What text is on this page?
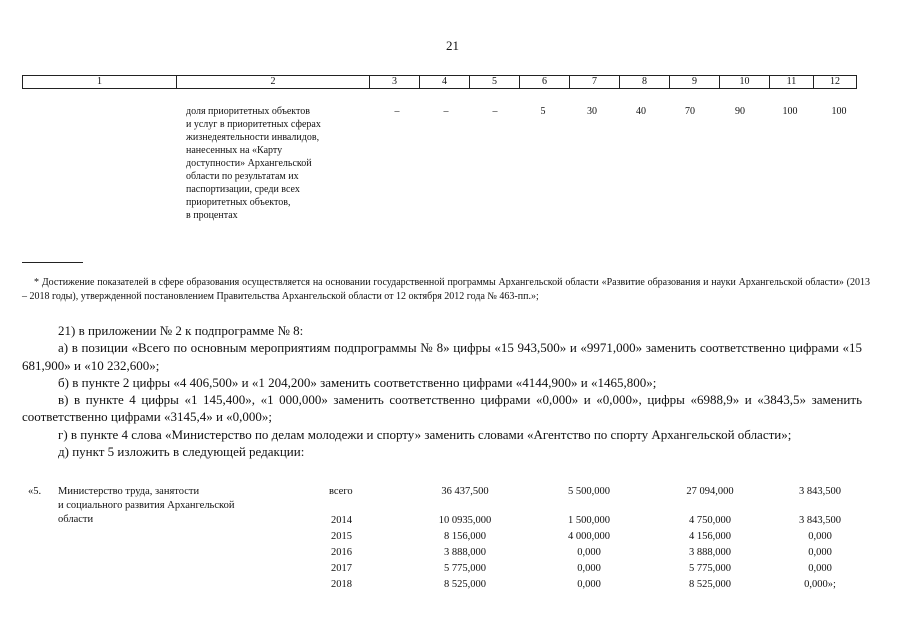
21
1	2	3	4	5	6	7	8	9	10	11	12
доля приоритетных объектов
и услуг в приоритетных сферах
жизнедеятельности инвалидов,
нанесенных на «Карту
доступности» Архангельской
области по результатам их
паспортизации, среди всех
приоритетных объектов,
в процентах
–	–	–	5	30	40	70	90	100	100
* Достижение показателей в сфере образования осуществляется на основании государственной программы Архангельской области «Развитие образования и науки Архангельской области» (2013 – 2018 годы), утвержденной постановлением Правительства Архангельской области от 12 октября 2012 года № 463-пп.»;

21) в приложении № 2 к подпрограмме № 8:

а) в позиции «Всего по основным мероприятиям подпрограммы № 8» цифры «15 943,500» и «9971,000» заменить соответственно цифрами «15 681,900» и «10 232,600»;

б) в пункте 2 цифры «4 406,500» и «1 204,200» заменить соответственно цифрами «4144,900» и «1465,800»;

в) в пункте 4 цифры «1 145,400», «1 000,000» заменить соответственно цифрами «0,000» и «0,000», цифры «6988,9» и «3843,5» заменить соответственно цифрами «3145,4» и «0,000»;

г) в пункте 4 слова «Министерство по делам молодежи и спорту» заменить словами «Агентство по спорту Архангельской области»;

д) пункт 5 изложить в следующей редакции:

«5. Министерство труда, занятости
и социального развития Архангельской
области
всего	36 437,500	5 500,000	27 094,000	3 843,500
2014	10 0935,000	1 500,000	4 750,000	3 843,500
2015	8 156,000	4 000,000	4 156,000	0,000
2016	3 888,000	0,000	3 888,000	0,000
2017	5 775,000	0,000	5 775,000	0,000
2018	8 525,000	0,000	8 525,000	0,000»;
